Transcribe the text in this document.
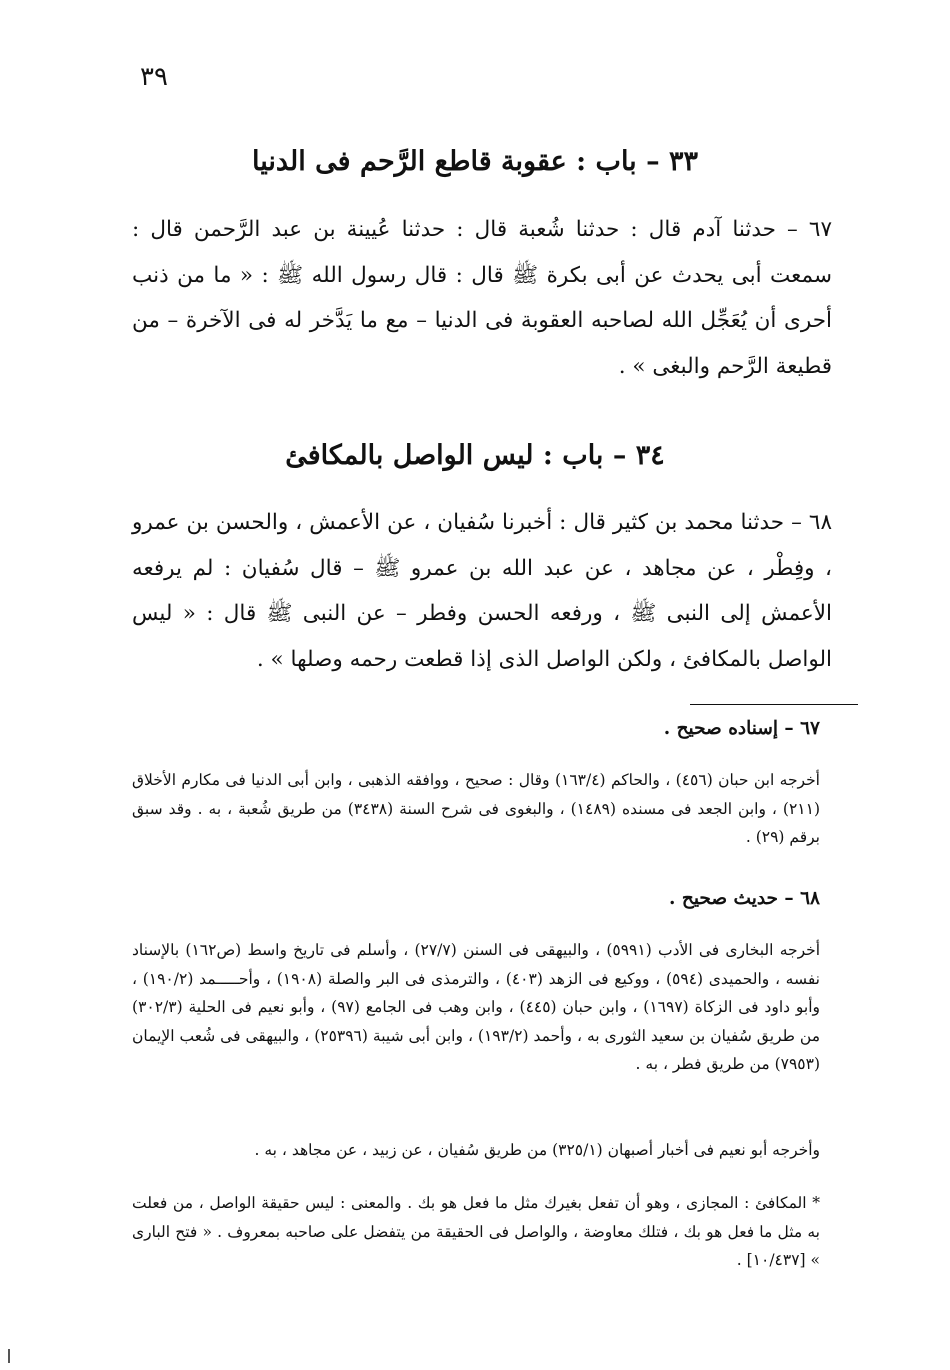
٣٩
٣٣ – باب : عقوبة قاطع الرَّحم فى الدنيا
٦٧ – حدثنا آدم قال : حدثنا شُعبة قال : حدثنا عُيينة بن عبد الرَّحمن قال : سمعت أبى يحدث عن أبى بكرة ﷺ قال : قال رسول الله ﷺ : « ما من ذنب أحرى أن يُعَجِّل الله لصاحبه العقوبة فى الدنيا – مع ما يَدَّخر له فى الآخرة – من قطيعة الرَّحم والبغى » .
٣٤ – باب : ليس الواصل بالمكافئ
٦٨ – حدثنا محمد بن كثير قال : أخبرنا سُفيان ، عن الأعمش ، والحسن بن عمرو ، وفِطْر ، عن مجاهد ، عن عبد الله بن عمرو ﷺ – قال سُفيان : لم يرفعه الأعمش إلى النبى ﷺ ، ورفعه الحسن وفطر – عن النبى ﷺ قال : « ليس الواصل بالمكافئ ، ولكن الواصل الذى إذا قطعت رحمه وصلها » .
٦٧ – إسناده صحيح .
أخرجه ابن حبان (٤٥٦) ، والحاكم (١٦٣/٤) وقال : صحيح ، ووافقه الذهبى ، وابن أبى الدنيا فى مكارم الأخلاق (٢١١) ، وابن الجعد فى مسنده (١٤٨٩) ، والبغوى فى شرح السنة (٣٤٣٨) من طريق شُعبة ، به . وقد سبق برقم (٢٩) .
٦٨ – حديث صحيح .
أخرجه البخارى فى الأدب (٥٩٩١) ، والبيهقى فى السنن (٢٧/٧) ، وأسلم فى تاريخ واسط (ص١٦٢) بالإسناد نفسه ، والحميدى (٥٩٤) ، ووكيع فى الزهد (٤٠٣) ، والترمذى فى البر والصلة (١٩٠٨) ، وأحـــــمد (١٩٠/٢) ، وأبو داود فى الزكاة (١٦٩٧) ، وابن حبان (٤٤٥) ، وابن وهب فى الجامع (٩٧) ، وأبو نعيم فى الحلية (٣٠٢/٣) من طريق سُفيان بن سعيد الثورى به ، وأحمد (١٩٣/٢) ، وابن أبى شيبة (٢٥٣٩٦) ، والبيهقى فى شُعب الإيمان (٧٩٥٣) من طريق فطر ، به .
وأخرجه أبو نعيم فى أخبار أصبهان (٣٢٥/١) من طريق سُفيان ، عن زبيد ، عن مجاهد ، به .
* المكافئ : المجازى ، وهو أن تفعل بغيرك مثل ما فعل هو بك . والمعنى : ليس حقيقة الواصل ، من فعلت به مثل ما فعل هو بك ، فتلك معاوضة ، والواصل فى الحقيقة من يتفضل على صاحبه بمعروف . « فتح البارى » [١٠/٤٣٧] .
